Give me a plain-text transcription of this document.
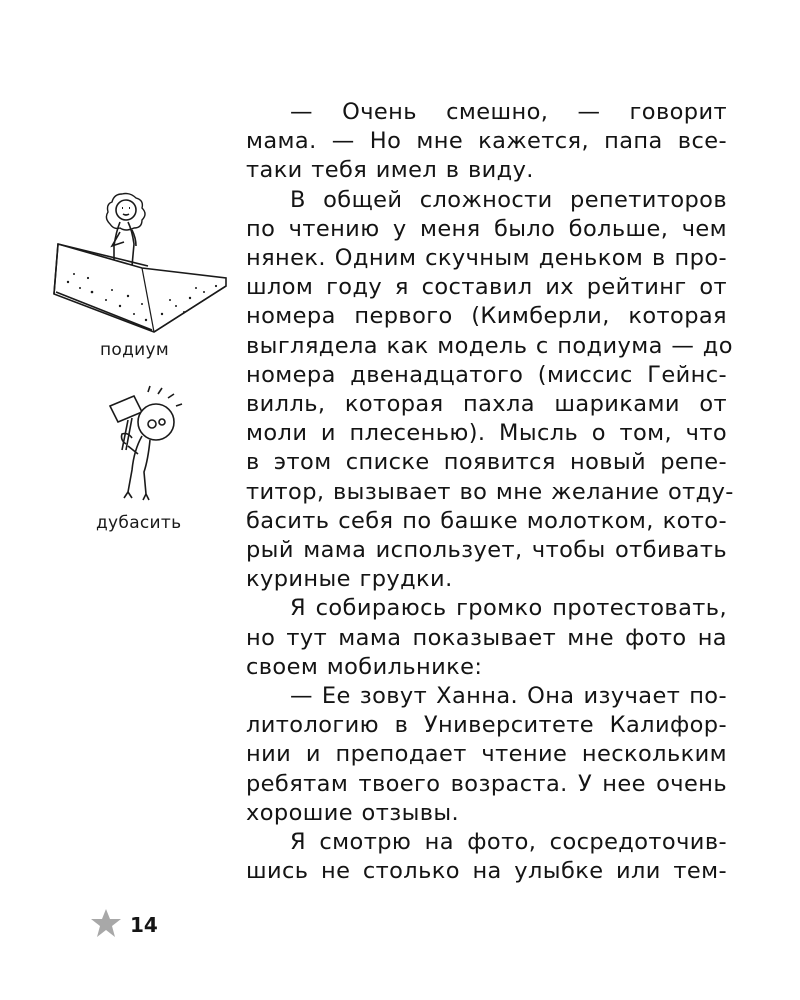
подиум
дубасить
— Очень смешно, — говорит
мама. — Но мне кажется, папа все-
таки тебя имел в виду.
В общей сложности репетиторов
по чтению у меня было больше, чем
нянек. Одним скучным деньком в про-
шлом году я составил их рейтинг от
номера первого (Кимберли, которая
выглядела как модель с подиума — до
номера двенадцатого (миссис Гейнс-
вилль, которая пахла шариками от
моли и плесенью). Мысль о том, что
в этом списке появится новый репе-
титор, вызывает во мне желание отду-
басить себя по башке молотком, кото-
рый мама использует, чтобы отбивать
куриные грудки.
Я собираюсь громко протестовать,
но тут мама показывает мне фото на
своем мобильнике:
— Ее зовут Ханна. Она изучает по-
литологию в Университете Калифор-
нии и преподает чтение нескольким
ребятам твоего возраста. У нее очень
хорошие отзывы.
Я смотрю на фото, сосредоточив-
шись не столько на улыбке или тем-
14
